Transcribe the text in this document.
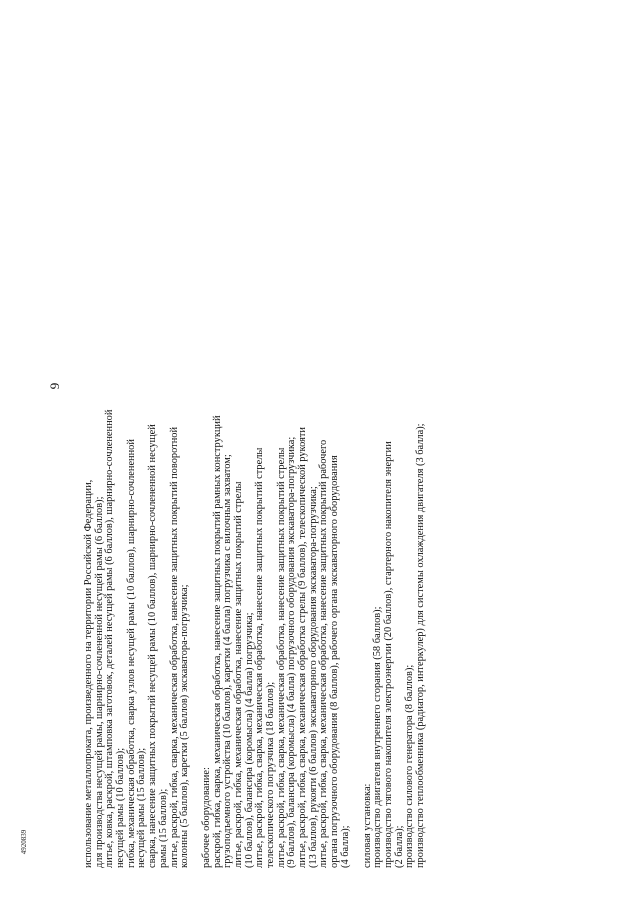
9
использование металлопроката, произведенного на территории Российской Федерации, для производства несущей рамы, шарнирно-сочлененной несущей рамы (6 баллов); литье, ковка, раскрой, штамповка заготовок, деталей несущей рамы (6 баллов), шарнирно-сочлененной несущей рамы (10 баллов); гибка, механическая обработка, сварка узлов несущей рамы (10 баллов), шарнирно-сочлененной несущей рамы (15 баллов); сварка, нанесение защитных покрытий несущей рамы (10 баллов), шарнирно-сочлененной несущей рамы (15 баллов); литье, раскрой, гибка, сварка, механическая обработка, нанесение защитных покрытий поворотной колонны (5 баллов), каретки (5 баллов) экскаватора-погрузчика; рабочее оборудование: раскрой, гибка, сварка, механическая обработка, нанесение защитных покрытий рамных конструкций грузоподъемного устройства (10 баллов), каретки (4 балла) погрузчика с вилочным захватом; литье, раскрой, гибка, механическая обработка, нанесение защитных покрытий стрелы (10 баллов), балансира (коромысла) (4 балла) погрузчика; литье, раскрой, гибка, сварка, механическая обработка, нанесение защитных покрытий стрелы телескопического погрузчика (18 баллов); литье, раскрой, гибка, сварка, механическая обработка, нанесение защитных покрытий стрелы (9 баллов), балансира (коромысла) (4 балла) погрузочного оборудования экскаватора-погрузчика; литье, раскрой, гибка, сварка, механическая обработка стрелы (9 баллов), телескопической рукояти (13 баллов), рукояти (6 баллов) экскаваторного оборудования экскаватора-погрузчика; литье, раскрой, гибка, сварка, механическая обработка, нанесение защитных покрытий рабочего органа погрузочного оборудования (8 баллов), рабочего органа экскаваторного оборудования (4 балла); силовая установка: производство двигателя внутреннего сгорания (58 баллов); производство тягового накопителя электроэнергии (20 баллов), стартерного накопителя энергии (2 балла); производство силового генератора (8 баллов); производство теплообменника (радиатор, интеркулер) для системы охлаждения двигателя (3 балла);
4920839
